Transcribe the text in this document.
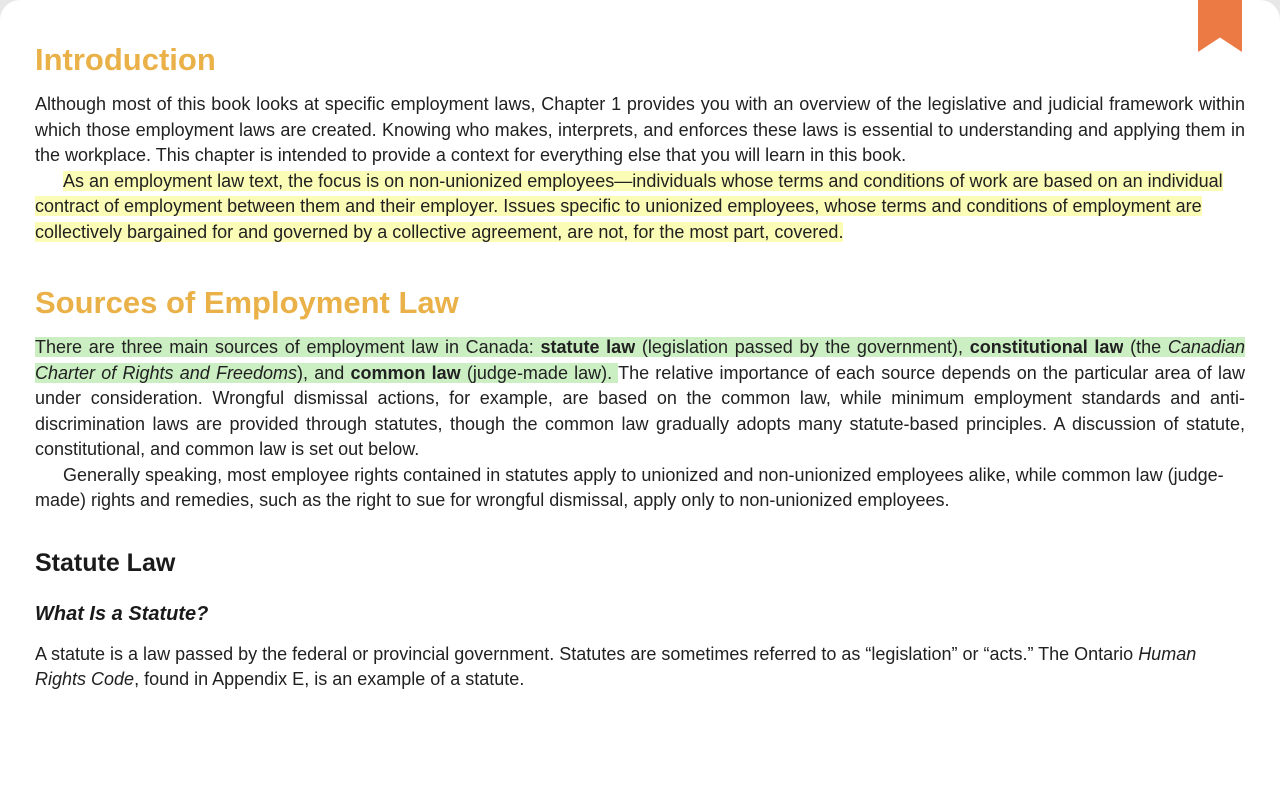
Introduction

Although most of this book looks at specific employment laws, Chapter 1 provides you with an overview of the legislative and judicial framework within which those employment laws are created. Knowing who makes, interprets, and enforces these laws is essential to understanding and applying them in the workplace. This chapter is intended to provide a context for everything else that you will learn in this book.

As an employment law text, the focus is on non-unionized employees—individuals whose terms and conditions of work are based on an individual contract of employment between them and their employer. Issues specific to unionized employees, whose terms and conditions of employment are collectively bargained for and governed by a collective agreement, are not, for the most part, covered.

Sources of Employment Law

There are three main sources of employment law in Canada: statute law (legislation passed by the government), constitutional law (the Canadian Charter of Rights and Freedoms), and common law (judge-made law). The relative importance of each source depends on the particular area of law under consideration. Wrongful dismissal actions, for example, are based on the common law, while minimum employment standards and anti-discrimination laws are provided through statutes, though the common law gradually adopts many statute-based principles. A discussion of statute, constitutional, and common law is set out below.

Generally speaking, most employee rights contained in statutes apply to unionized and non-unionized employees alike, while common law (judge-made) rights and remedies, such as the right to sue for wrongful dismissal, apply only to non-unionized employees.

Statute Law
What Is a Statute?

A statute is a law passed by the federal or provincial government. Statutes are sometimes referred to as “legislation” or “acts.” The Ontario Human Rights Code, found in Appendix E, is an example of a statute.
